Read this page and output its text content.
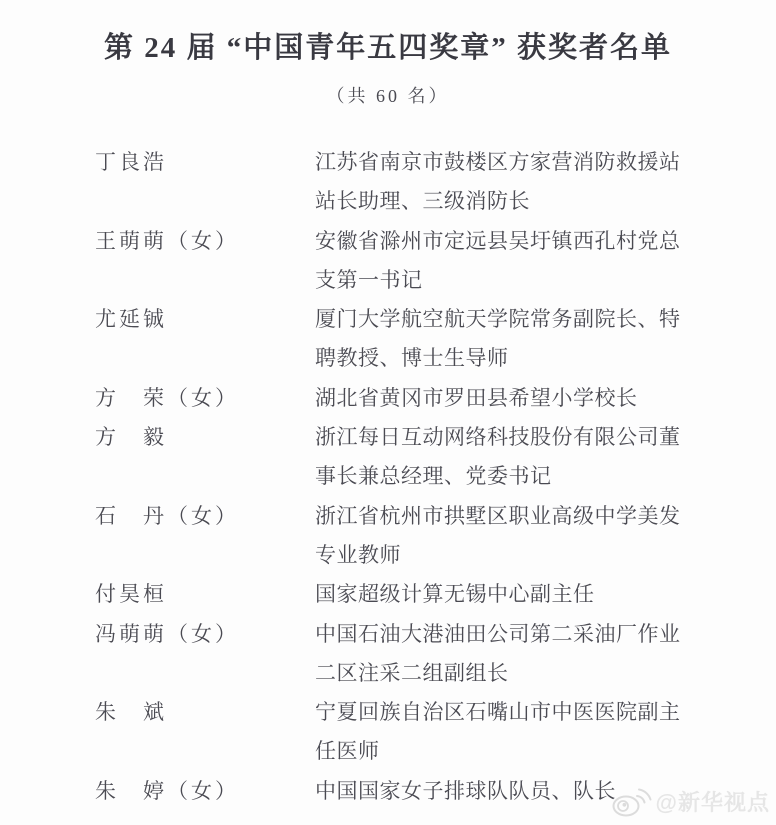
第 24 届 “中国青年五四奖章” 获奖者名单
（共 60 名）
丁良浩	江苏省南京市鼓楼区方家营消防救援站
站长助理、三级消防长
王萌萌（女）	安徽省滁州市定远县吴圩镇西孔村党总
支第一书记
尤延铖	厦门大学航空航天学院常务副院长、特
聘教授、博士生导师
方　荣（女）	湖北省黄冈市罗田县希望小学校长
方　毅	浙江每日互动网络科技股份有限公司董
事长兼总经理、党委书记
石　丹（女）	浙江省杭州市拱墅区职业高级中学美发
专业教师
付昊桓	国家超级计算无锡中心副主任
冯萌萌（女）	中国石油大港油田公司第二采油厂作业
二区注采二组副组长
朱　斌	宁夏回族自治区石嘴山市中医医院副主
任医师
朱　婷（女）	中国国家女子排球队队员、队长	@新华视点
